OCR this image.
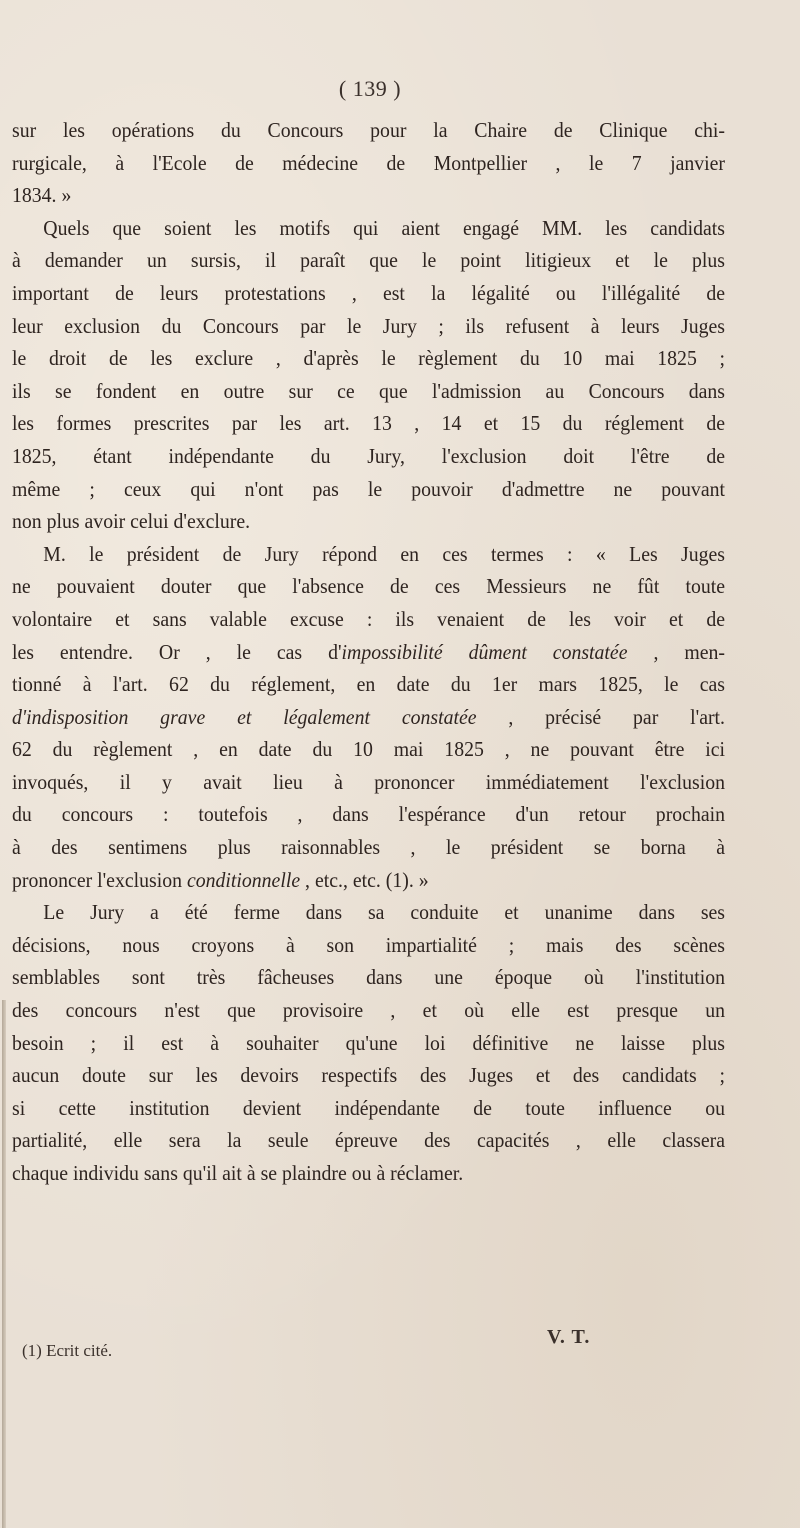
( 139 )
sur les opérations du Concours pour la Chaire de Clinique chi-
rurgicale, à l'Ecole de médecine de Montpellier , le 7 janvier
1834. »
Quels que soient les motifs qui aient engagé MM. les candidats
à demander un sursis, il paraît que le point litigieux et le plus
important de leurs protestations , est la légalité ou l'illégalité de
leur exclusion du Concours par le Jury ; ils refusent à leurs Juges
le droit de les exclure , d'après le règlement du 10 mai 1825 ;
ils se fondent en outre sur ce que l'admission au Concours dans
les formes prescrites par les art. 13 , 14 et 15 du réglement de
1825, étant indépendante du Jury, l'exclusion doit l'être de
même ; ceux qui n'ont pas le pouvoir d'admettre ne pouvant
non plus avoir celui d'exclure.
M. le président de Jury répond en ces termes : « Les Juges
ne pouvaient douter que l'absence de ces Messieurs ne fût toute
volontaire et sans valable excuse : ils venaient de les voir et de
les entendre. Or , le cas d'impossibilité dûment constatée , men-
tionné à l'art. 62 du réglement, en date du 1er mars 1825, le cas
d'indisposition grave et légalement constatée , précisé par l'art.
62 du règlement , en date du 10 mai 1825 , ne pouvant être ici
invoqués, il y avait lieu à prononcer immédiatement l'exclusion
du concours : toutefois , dans l'espérance d'un retour prochain
à des sentimens plus raisonnables , le président se borna à
prononcer l'exclusion conditionnelle , etc., etc. (1). »
Le Jury a été ferme dans sa conduite et unanime dans ses
décisions, nous croyons à son impartialité ; mais des scènes
semblables sont très fâcheuses dans une époque où l'institution
des concours n'est que provisoire , et où elle est presque un
besoin ; il est à souhaiter qu'une loi définitive ne laisse plus
aucun doute sur les devoirs respectifs des Juges et des candidats ;
si cette institution devient indépendante de toute influence ou
partialité, elle sera la seule épreuve des capacités , elle classera
chaque individu sans qu'il ait à se plaindre ou à réclamer.
V. T.
(1) Ecrit cité.
